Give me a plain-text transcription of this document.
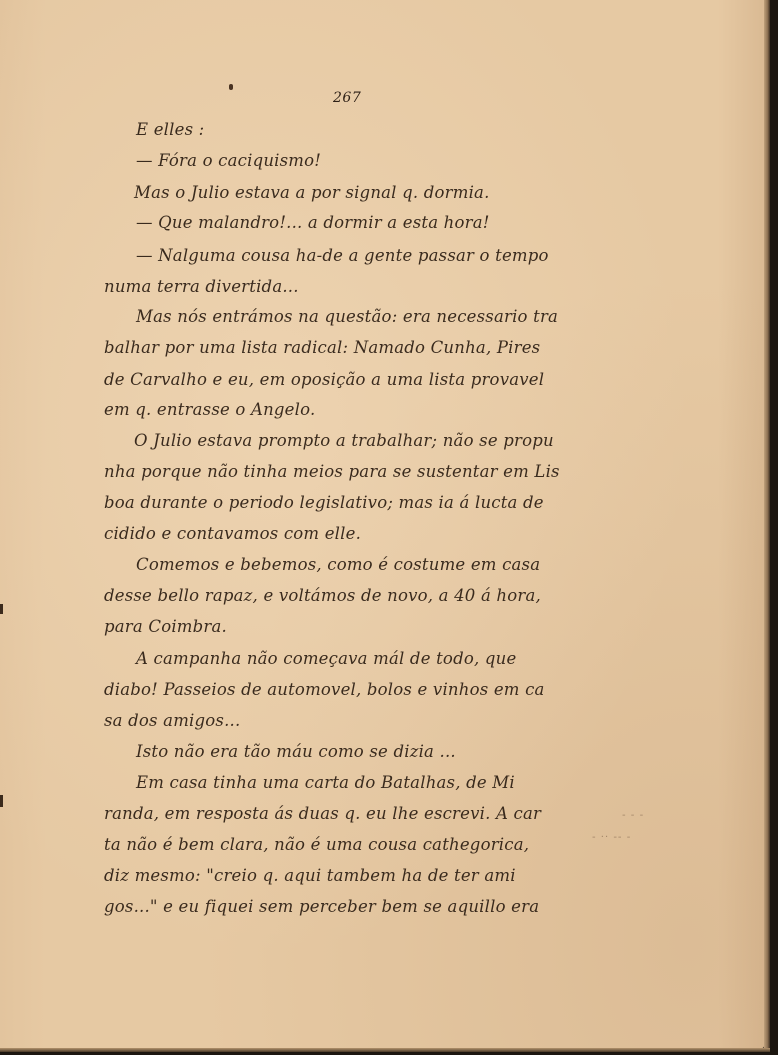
267
E elles :
— Fóra o caciquismo!
Mas o Julio estava a por signal q. dormia.
— Que malandro!... a dormir a esta hora!
— Nalguma cousa ha-de a gente passar o tempo
numa terra divertida...
Mas nós entrámos na questão: era necessario tra
balhar por uma lista radical: Namado Cunha, Pires
de Carvalho e eu, em oposição a uma lista provavel
em q. entrasse o Angelo.
O Julio estava prompto a trabalhar; não se propu
nha porque não tinha meios para se sustentar em Lis
boa durante o periodo legislativo; mas ia á lucta de
cidido e contavamos com elle.
Comemos e bebemos, como é costume em casa
desse bello rapaz, e voltámos de novo, a 40 á hora,
para Coimbra.
A campanha não começava mál de todo, que
diabo! Passeios de automovel, bolos e vinhos em ca
sa dos amigos...
Isto não era tão máu como se dizia ...
Em casa tinha uma carta do Batalhas, de Mi
randa, em resposta ás duas q. eu lhe escrevi. A car
ta não é bem clara, não é uma cousa cathegorica,
diz mesmo: "creio q. aqui tambem ha de ter ami
gos..." e eu fiquei sem perceber bem se aquillo era
- - -
- ·· -- -
